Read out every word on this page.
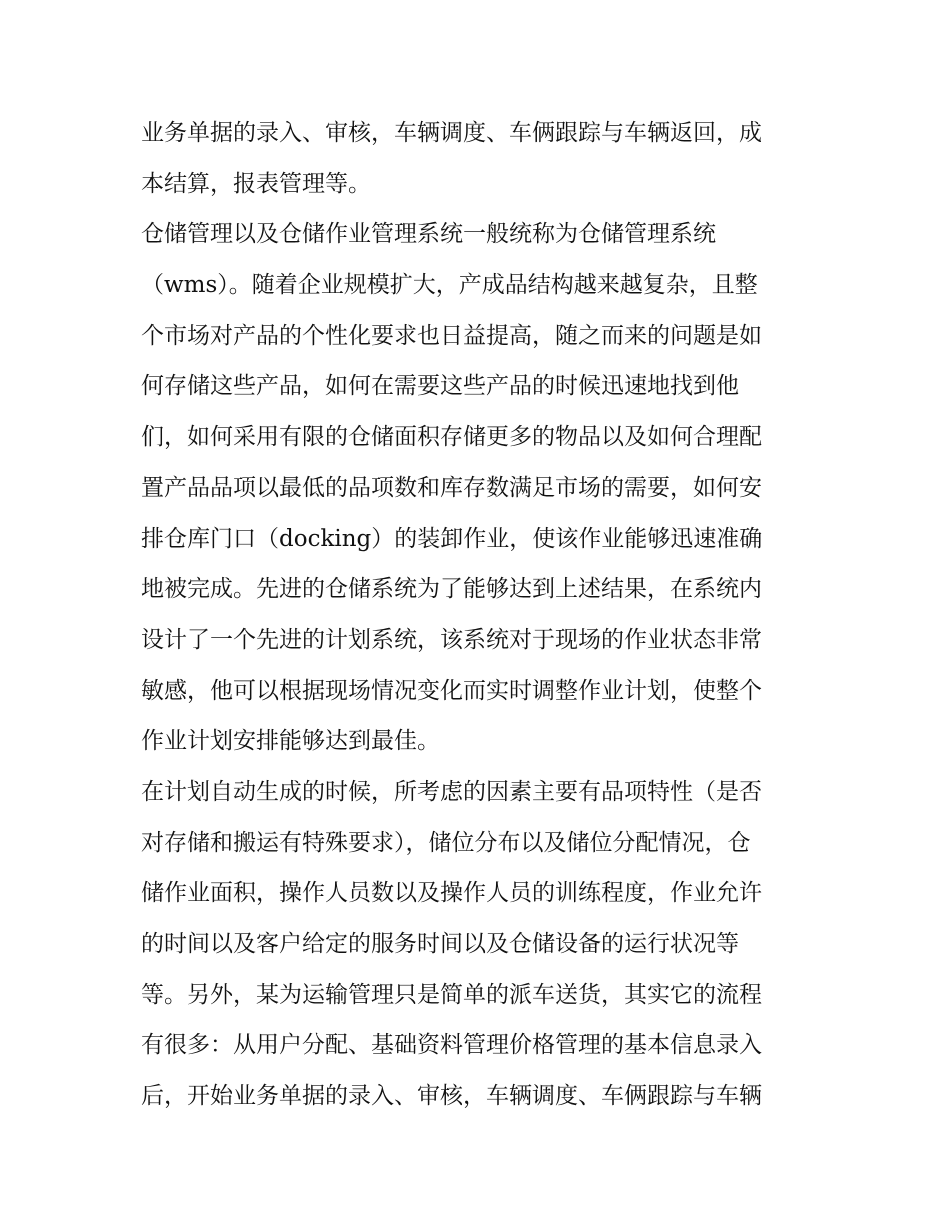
业务单据的录入、审核，车辆调度、车俩跟踪与车辆返回，成
本结算，报表管理等。
仓储管理以及仓储作业管理系统一般统称为仓储管理系统
（wms）。随着企业规模扩大，产成品结构越来越复杂，且整
个市场对产品的个性化要求也日益提高，随之而来的问题是如
何存储这些产品，如何在需要这些产品的时候迅速地找到他
们，如何采用有限的仓储面积存储更多的物品以及如何合理配
置产品品项以最低的品项数和库存数满足市场的需要，如何安
排仓库门口（docking）的装卸作业，使该作业能够迅速准确
地被完成。先进的仓储系统为了能够达到上述结果，在系统内
设计了一个先进的计划系统，该系统对于现场的作业状态非常
敏感，他可以根据现场情况变化而实时调整作业计划，使整个
作业计划安排能够达到最佳。
在计划自动生成的时候，所考虑的因素主要有品项特性（是否
对存储和搬运有特殊要求），储位分布以及储位分配情况，仓
储作业面积，操作人员数以及操作人员的训练程度，作业允许
的时间以及客户给定的服务时间以及仓储设备的运行状况等
等。另外，某为运输管理只是简单的派车送货，其实它的流程
有很多：从用户分配、基础资料管理价格管理的基本信息录入
后，开始业务单据的录入、审核，车辆调度、车俩跟踪与车辆
